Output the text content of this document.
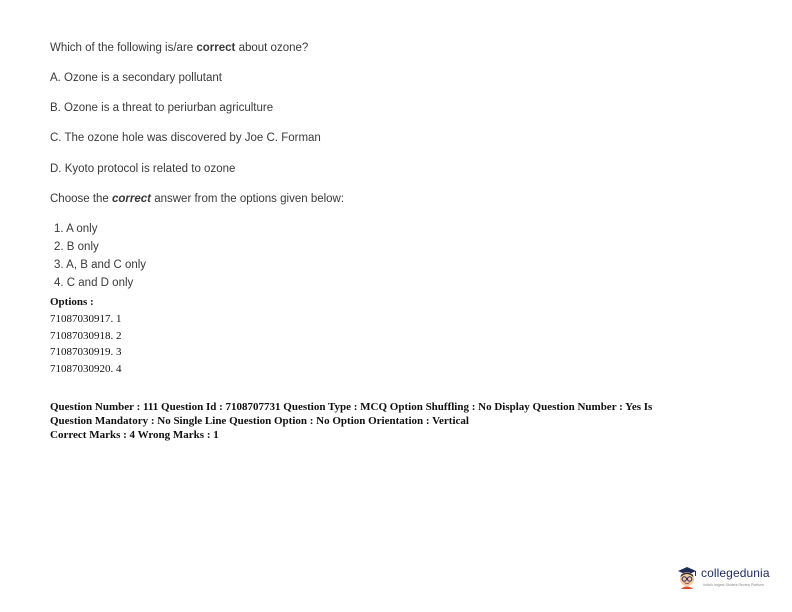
Which of the following is/are correct about ozone?
A. Ozone is a secondary pollutant
B. Ozone is a threat to periurban agriculture
C. The ozone hole was discovered by Joe C. Forman
D. Kyoto protocol is related to ozone
Choose the correct answer from the options given below:
1. A only
2. B only
3. A, B and C only
4. C and D only
Options :
71087030917. 1
71087030918. 2
71087030919. 3
71087030920. 4
Question Number : 111 Question Id : 7108707731 Question Type : MCQ Option Shuffling : No Display Question Number : Yes Is
Question Mandatory : No Single Line Question Option : No Option Orientation : Vertical
Correct Marks : 4 Wrong Marks : 1
collegedunia
India's largest Student Review Platform
